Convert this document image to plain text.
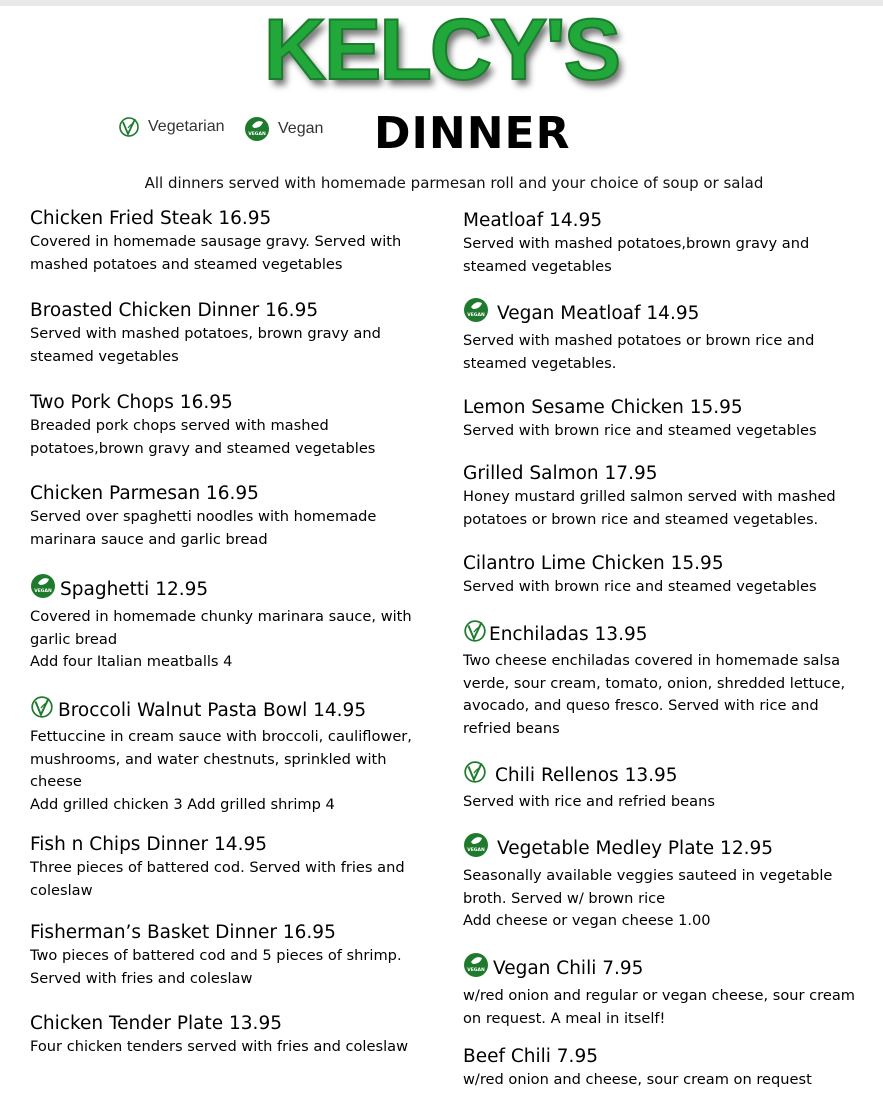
KELCY'S
Vegetarian	VEGAN Vegan DINNER
All dinners served with homemade parmesan roll and your choice of soup or salad
Chicken Fried Steak 16.95
Covered in homemade sausage gravy. Served with
mashed potatoes and steamed vegetables
Broasted Chicken Dinner 16.95
Served with mashed potatoes, brown gravy and
steamed vegetables
Two Pork Chops 16.95
Breaded pork chops served with mashed
potatoes,brown gravy and steamed vegetables
Chicken Parmesan 16.95
Served over spaghetti noodles with homemade
marinara sauce and garlic bread
VEGAN Spaghetti 12.95
Covered in homemade chunky marinara sauce, with
garlic bread
Add four Italian meatballs 4
Broccoli Walnut Pasta Bowl 14.95
Fettuccine in cream sauce with broccoli, cauliflower,
mushrooms, and water chestnuts, sprinkled with
cheese
Add grilled chicken 3 Add grilled shrimp 4
Fish n Chips Dinner 14.95
Three pieces of battered cod. Served with fries and
coleslaw
Fisherman’s Basket Dinner 16.95
Two pieces of battered cod and 5 pieces of shrimp.
Served with fries and coleslaw
Chicken Tender Plate 13.95
Four chicken tenders served with fries and coleslaw
Meatloaf 14.95
Served with mashed potatoes,brown gravy and
steamed vegetables
VEGAN Vegan Meatloaf 14.95
Served with mashed potatoes or brown rice and
steamed vegetables.
Lemon Sesame Chicken 15.95
Served with brown rice and steamed vegetables
Grilled Salmon 17.95
Honey mustard grilled salmon served with mashed
potatoes or brown rice and steamed vegetables.
Cilantro Lime Chicken 15.95
Served with brown rice and steamed vegetables
Enchiladas 13.95
Two cheese enchiladas covered in homemade salsa
verde, sour cream, tomato, onion, shredded lettuce,
avocado, and queso fresco. Served with rice and
refried beans
Chili Rellenos 13.95
Served with rice and refried beans
VEGAN Vegetable Medley Plate 12.95
Seasonally available veggies sauteed in vegetable
broth. Served w/ brown rice
Add cheese or vegan cheese 1.00
VEGAN Vegan Chili 7.95
w/red onion and regular or vegan cheese, sour cream
on request. A meal in itself!
Beef Chili 7.95
w/red onion and cheese, sour cream on request
